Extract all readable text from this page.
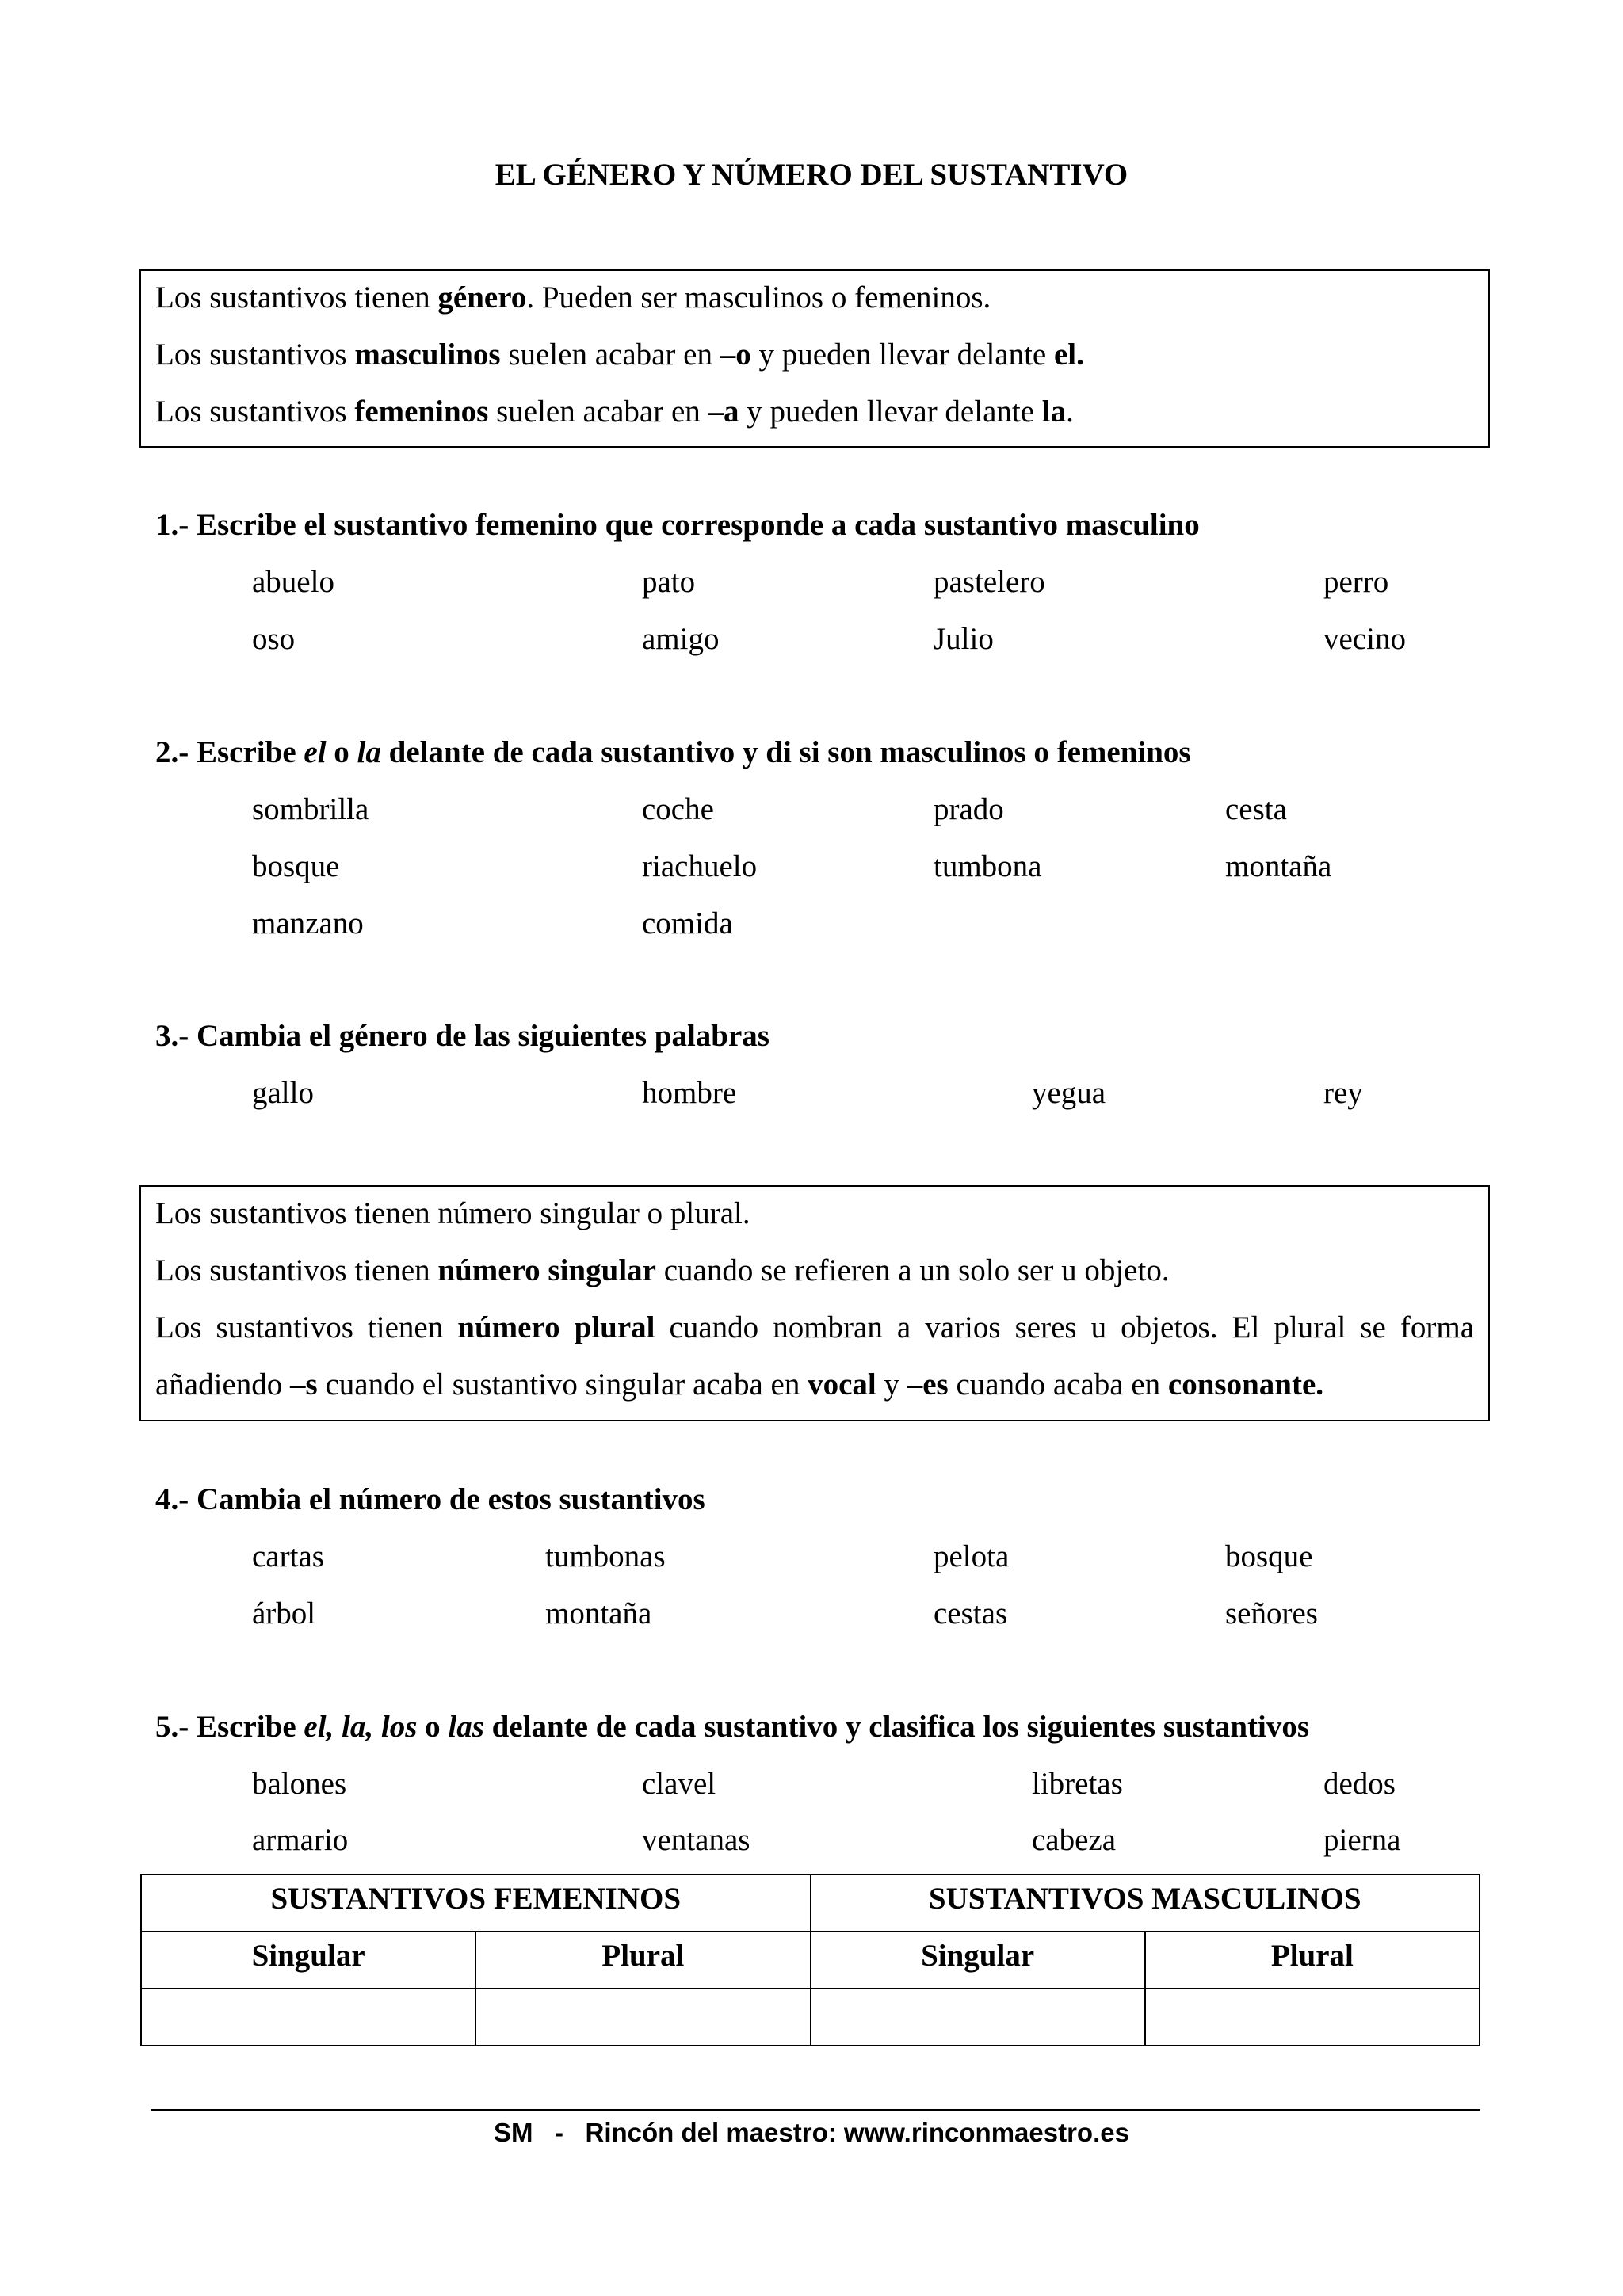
EL GÉNERO Y NÚMERO DEL SUSTANTIVO
Los sustantivos tienen género. Pueden ser masculinos o femeninos.
Los sustantivos masculinos suelen acabar en –o y pueden llevar delante el.
Los sustantivos femeninos suelen acabar en –a y pueden llevar delante la.
1.- Escribe el sustantivo femenino que corresponde a cada sustantivo masculino
abuelo	pato	pastelero	perro
oso	amigo	Julio	vecino
2.- Escribe el o la delante de cada sustantivo y di si son masculinos o femeninos
sombrilla	coche	prado	cesta
bosque	riachuelo	tumbona	montaña
manzano	comida
3.- Cambia el género de las siguientes palabras
gallo	hombre	yegua	rey
Los sustantivos tienen número singular o plural.
Los sustantivos tienen número singular cuando se refieren a un solo ser u objeto.
Los sustantivos tienen número plural cuando nombran a varios seres u objetos. El plural se forma
añadiendo –s cuando el sustantivo singular acaba en vocal y –es cuando acaba en consonante.
4.- Cambia el número de estos sustantivos
cartas	tumbonas	pelota	bosque
árbol	montaña	cestas	señores
5.- Escribe el, la, los o las delante de cada sustantivo y clasifica los siguientes sustantivos
balones	clavel	libretas	dedos
armario	ventanas	cabeza	pierna
SUSTANTIVOS FEMENINOS		SUSTANTIVOS MASCULINOS	
Singular	Plural	Singular	Plural

SM   -   Rincón del maestro: www.rinconmaestro.es
